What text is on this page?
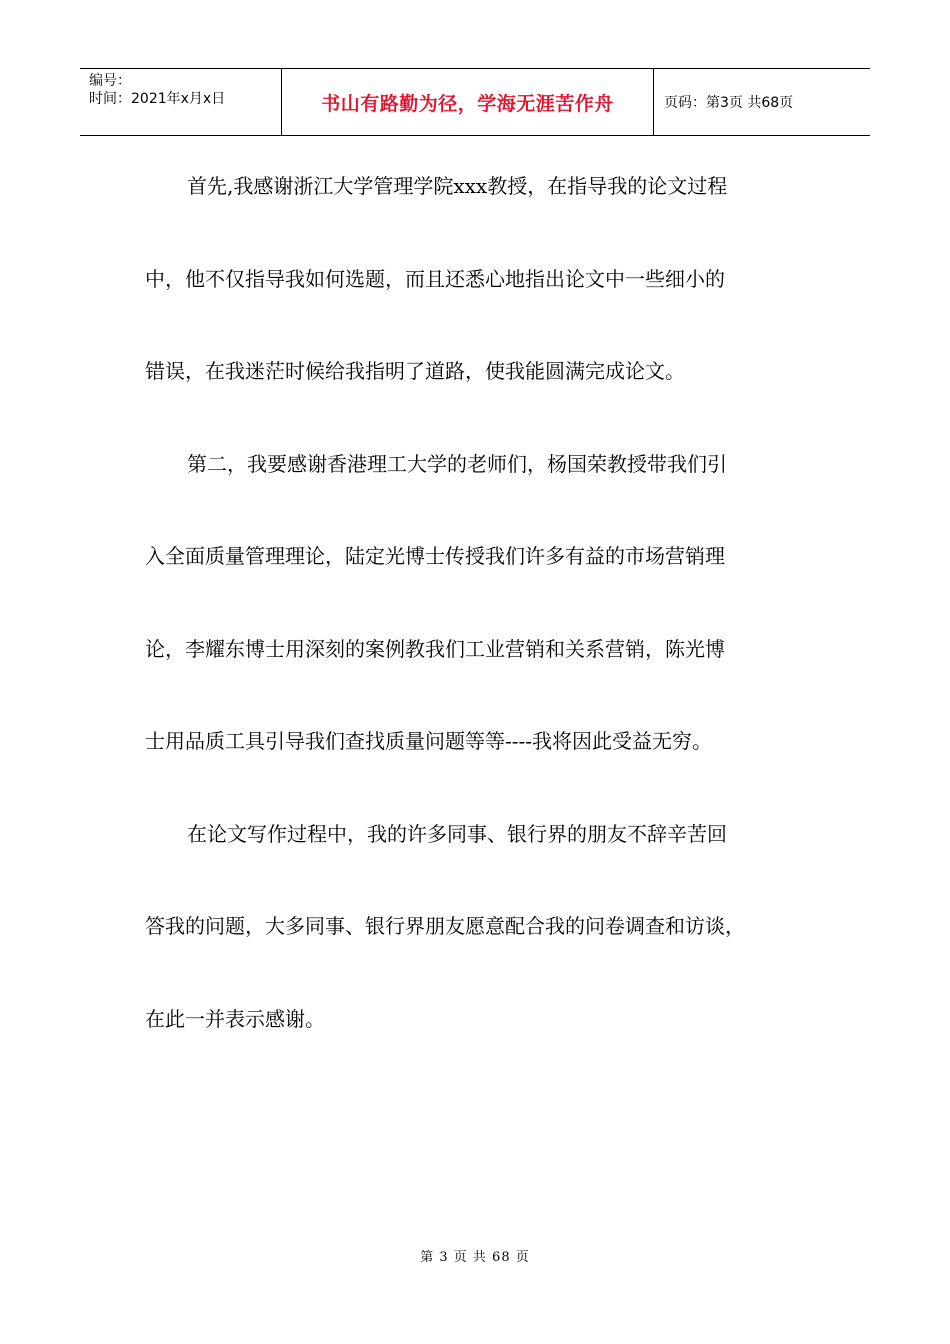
编号：
时间：2021年x月x日	书山有路勤为径，学海无涯苦作舟	页码：第3页 共68页
首先,我感谢浙江大学管理学院xxx教授，在指导我的论文过程
中，他不仅指导我如何选题，而且还悉心地指出论文中一些细小的
错误，在我迷茫时候给我指明了道路，使我能圆满完成论文。
第二，我要感谢香港理工大学的老师们，杨国荣教授带我们引
入全面质量管理理论，陆定光博士传授我们许多有益的市场营销理
论，李耀东博士用深刻的案例教我们工业营销和关系营销，陈光博
士用品质工具引导我们查找质量问题等等----我将因此受益无穷。
在论文写作过程中，我的许多同事、银行界的朋友不辞辛苦回
答我的问题，大多同事、银行界朋友愿意配合我的问卷调查和访谈，
在此一并表示感谢。
第 3 页 共 68 页
